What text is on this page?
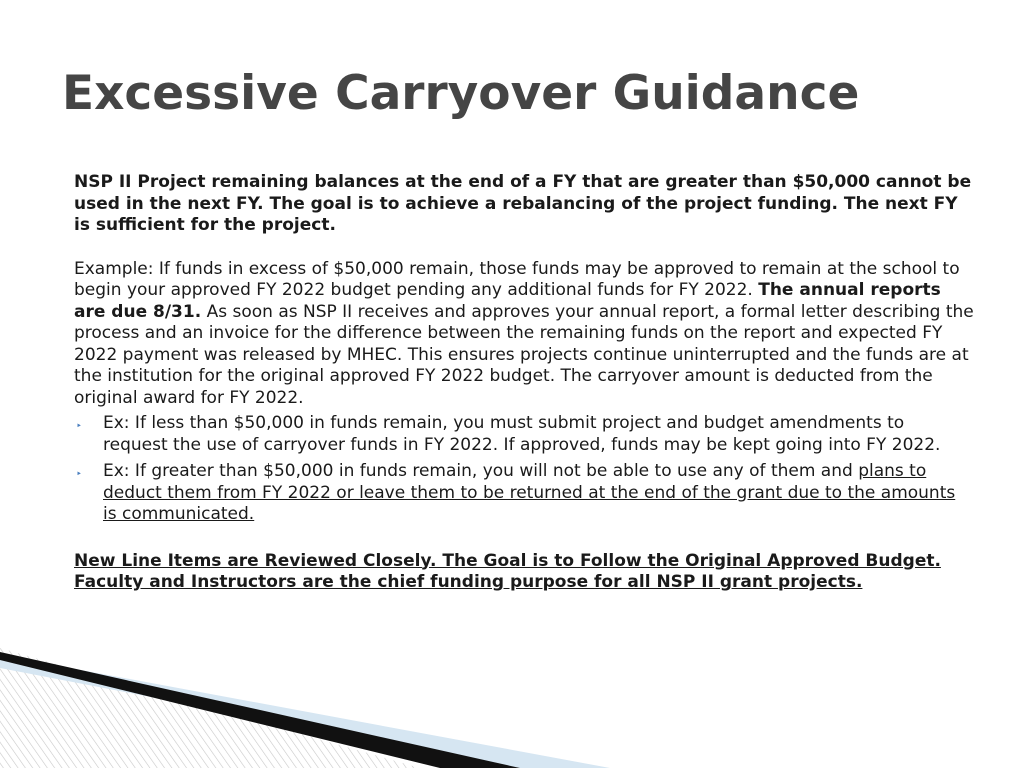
Excessive Carryover Guidance

NSP II Project remaining balances at the end of a FY that are greater than $50,000 cannot be used in the next FY. The goal is to achieve a rebalancing of the project funding. The next FY is sufficient for the project.

Example: If funds in excess of $50,000 remain, those funds may be approved to remain at the school to begin your approved FY 2022 budget pending any additional funds for FY 2022. The annual reports are due 8/31. As soon as NSP II receives and approves your annual report, a formal letter describing the process and an invoice for the difference between the remaining funds on the report and expected FY 2022 payment was released by MHEC. This ensures projects continue uninterrupted and the funds are at the institution for the original approved FY 2022 budget. The carryover amount is deducted from the original award for FY 2022.

‣ Ex: If less than $50,000 in funds remain, you must submit project and budget amendments to request the use of carryover funds in FY 2022. If approved, funds may be kept going into FY 2022.
‣ Ex: If greater than $50,000 in funds remain, you will not be able to use any of them and plans to deduct them from FY 2022 or leave them to be returned at the end of the grant due to the amounts is communicated.

New Line Items are Reviewed Closely. The Goal is to Follow the Original Approved Budget. Faculty and Instructors are the chief funding purpose for all NSP II grant projects.
